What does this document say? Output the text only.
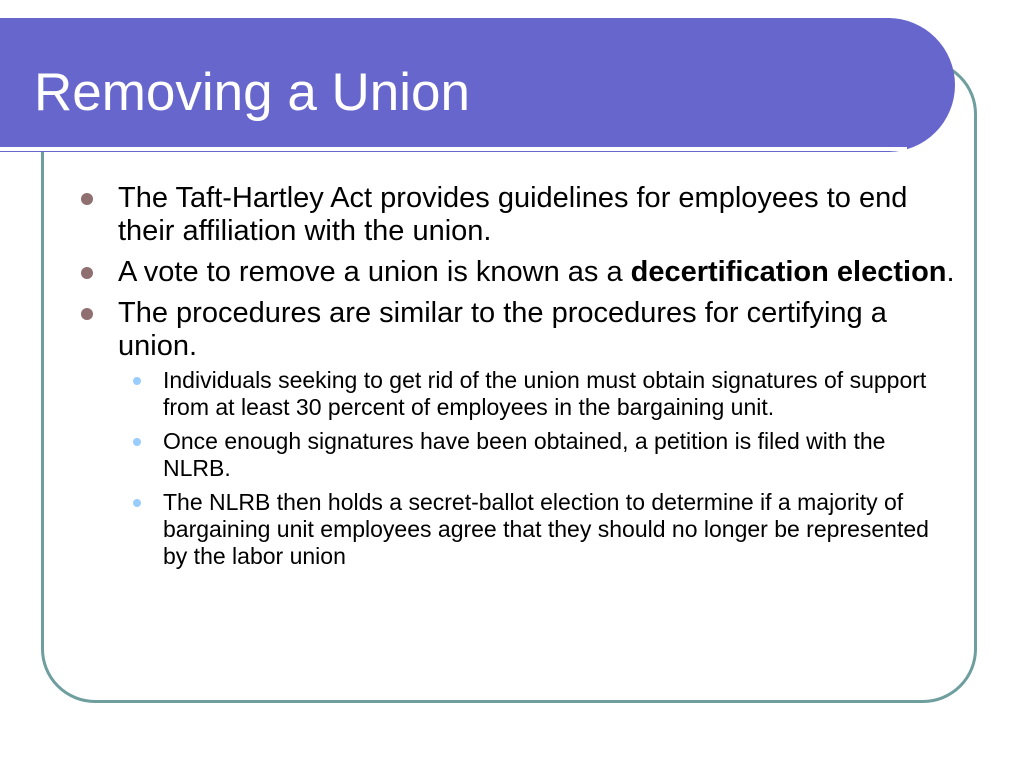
Removing a Union
The Taft-Hartley Act provides guidelines for employees to end their affiliation with the union.
A vote to remove a union is known as a decertification election.
The procedures are similar to the procedures for certifying a union.
Individuals seeking to get rid of the union must obtain signatures of support from at least 30 percent of employees in the bargaining unit.
Once enough signatures have been obtained, a petition is filed with the NLRB.
The NLRB then holds a secret-ballot election to determine if a majority of bargaining unit employees agree that they should no longer be represented by the labor union
